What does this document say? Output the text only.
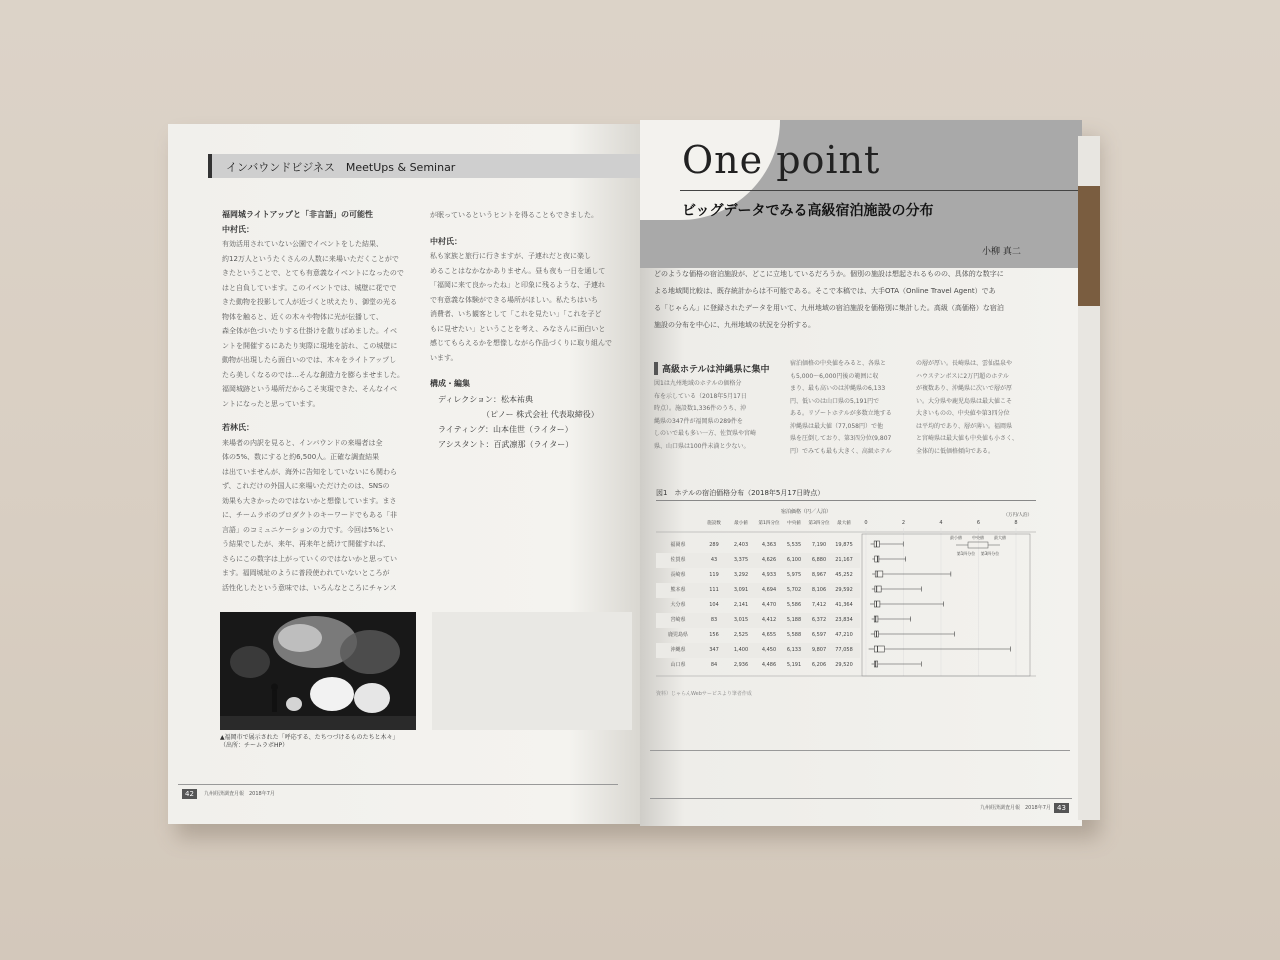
インバウンドビジネス　MeetUps & Seminar

福岡城ライトアップと「非言語」の可能性

中村氏：

有効活用されていない公園でイベントをした結果、

約12万人というたくさんの人数に来場いただくことがで

きたということで、とても有意義なイベントになったので

はと自負しています。このイベントでは、城壁に花でで

きた動物を投影して人が近づくと吠えたり、御堂の光る

物体を触ると、近くの木々や物体に光が伝播して、

森全体が色づいたりする仕掛けを散りばめました。イベ

ントを開催するにあたり実際に現地を訪れ、この城壁に

動物が出現したら面白いのでは、木々をライトアップし

たら美しくなるのでは…そんな創造力を膨らませました。

福岡城跡という場所だからこそ実現できた、そんなイベ

ントになったと思っています。

若林氏：

来場者の内訳を見ると、インバウンドの来場者は全

体の5%、数にすると約6,500人。正確な調査結果

は出ていませんが、海外に告知をしていないにも関わら

ず、これだけの外国人に来場いただけたのは、SNSの

効果も大きかったのではないかと想像しています。まさ

に、チームラボのプロダクトのキーワードでもある「非

言語」のコミュニケーションの力です。今回は5%とい

う結果でしたが、来年、再来年と続けて開催すれば、

さらにこの数字は上がっていくのではないかと思ってい

ます。福岡城址のように普段使われていないところが

活性化したという意味では、いろんなところにチャンス

が眠っているというヒントを得ることもできました。

中村氏：

私も家族と旅行に行きますが、子連れだと夜に楽し

めることはなかなかありません。昼も夜も一日を通して

「福岡に来て良かったね」と印象に残るような、子連れ

で有意義な体験ができる場所がほしい。私たちはいち

消費者、いち観客として「これを見たい」「これを子ど

もに見せたい」ということを考え、みなさんに面白いと

感じてもらえるかを想像しながら作品づくりに取り組んで

います。

構成・編集

ディレクション：松本祐典

　　　　　　（ピノー 株式会社 代表取締役）

ライティング：山本佳世（ライター）

アシスタント：百武凛那（ライター）

▲福岡市で展示された「呼応する、たちつづけるものたちと木々」
（出所：チームラボHP）
42	九州経済調査月報　2018年7月
One point
ビッグデータでみる高級宿泊施設の分布
小柳 真二

どのような価格の宿泊施設が、どこに立地しているだろうか。個別の施設は想起されるものの、具体的な数字に

よる地域間比較は、既存統計からは不可能である。そこで本稿では、大手OTA（Online Travel Agent）であ

る「じゃらん」に登録されたデータを用いて、九州地域の宿泊施設を価格別に集計した。高級（高価格）な宿泊

施設の分布を中心に、九州地域の状況を分析する。

高級ホテルは沖縄県に集中

図1は九州地域のホテルの価格分

布を示している（2018年5月17日

時点）。施設数1,336件のうち、沖

縄県の347件が福岡県の289件を

しのいで最も多い一方、佐賀県や宮崎

県、山口県は100件未満と少ない。

宿泊価格の中央値をみると、各県と

も5,000～6,000円後の範囲に収

まり、最も高いのは沖縄県の6,133

円、低いのは山口県の5,191円で

ある。リゾートホテルが多数立地する

沖縄県は最大値（77,058円）で他

県を圧倒しており、第3四分位(9,807

円）でみても最も大きく、高級ホテル

の層が厚い。長崎県は、雲仙温泉や

ハウステンボスに2万円超のホテル

が複数あり、沖縄県に次いで層が厚

い。大分県や鹿児島県は最大値こそ

大きいものの、中央値や第3四分位

は平均的であり、層が薄い。福岡県

と宮崎県は最大値も中央値も小さく、

全体的に低価格傾向である。

図1　ホテルの宿泊価格分布（2018年5月17日時点）
宿泊価格（円／人泊）
施設数	最小値 第1四分位 中央値 第3四分位 最大値	0	2	4	6	8
（万円/人泊）
最小値	中央値	最大値
第1四分位 第3四分位
福岡県	289	2,403	4,363 5,535 7,190 19,875
佐賀県	43	3,375	4,626 6,100 6,880 21,167
長崎県	119	3,292	4,933 5,975 8,967 45,252
熊本県	111	3,091	4,694 5,702 8,106 29,592
大分県	104	2,141	4,470 5,586 7,412 41,364
宮崎県	83	3,015	4,412 5,188 6,372 23,834
鹿児島県	156	2,525	4,655 5,588 6,597 47,210
沖縄県	347	1,400	4,450 6,133 9,807 77,058
山口県	84	2,936	4,486 5,191 6,206 29,520
資料）じゃらんWebサービスより筆者作成
九州経済調査月報　2018年7月 43
